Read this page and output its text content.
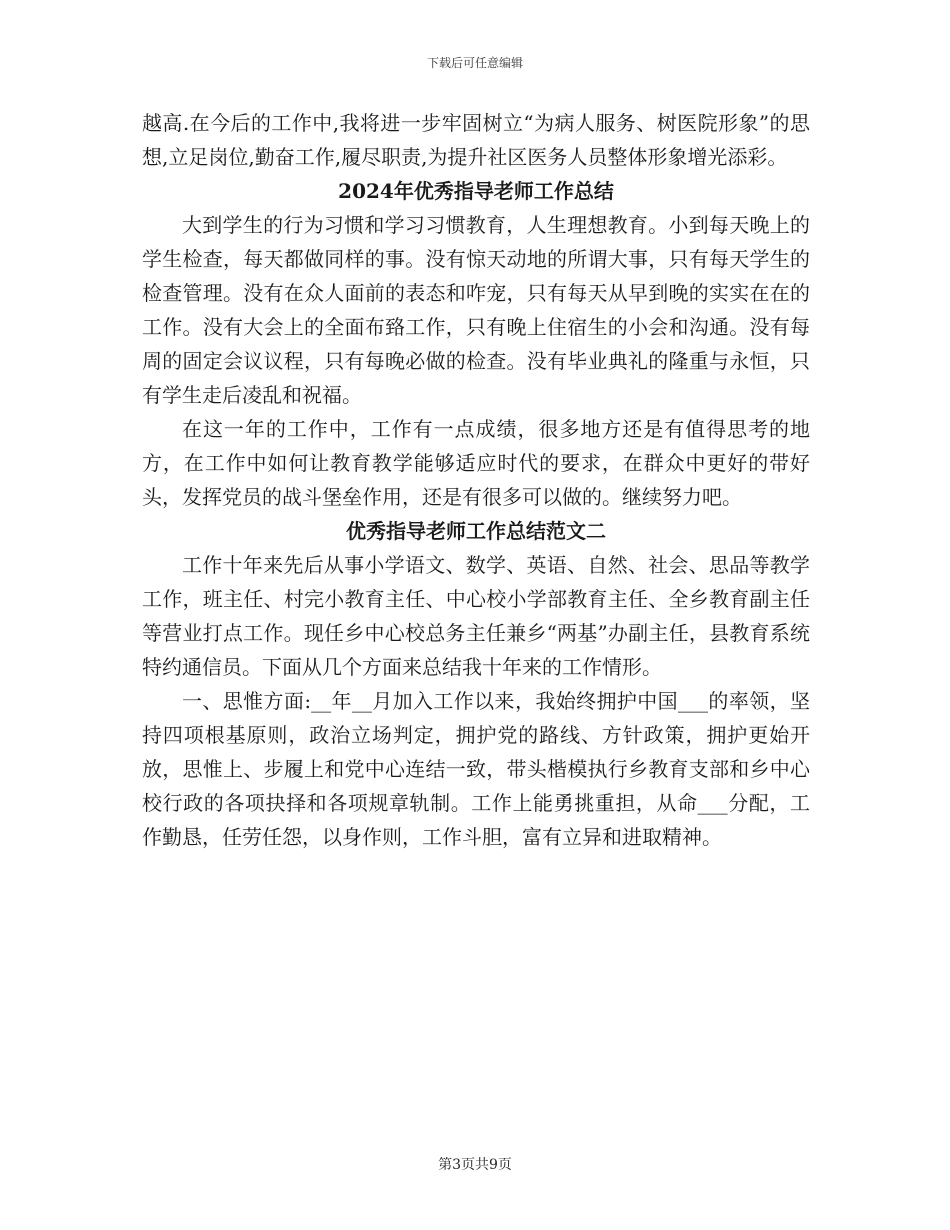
下载后可任意编辑

越高.在今后的工作中,我将进一步牢固树立“为病人服务、树医院形象”的思想,立足岗位,勤奋工作,履尽职责,为提升社区医务人员整体形象增光添彩。

2024年优秀指导老师工作总结

大到学生的行为习惯和学习习惯教育，人生理想教育。小到每天晚上的学生检查，每天都做同样的事。没有惊天动地的所谓大事，只有每天学生的检查管理。没有在众人面前的表态和咋宠，只有每天从早到晚的实实在在的工作。没有大会上的全面布臵工作，只有晚上住宿生的小会和沟通。没有每周的固定会议议程，只有每晚必做的检查。没有毕业典礼的隆重与永恒，只有学生走后凌乱和祝福。

在这一年的工作中，工作有一点成绩，很多地方还是有值得思考的地方，在工作中如何让教育教学能够适应时代的要求，在群众中更好的带好头，发挥党员的战斗堡垒作用，还是有很多可以做的。继续努力吧。

优秀指导老师工作总结范文二

工作十年来先后从事小学语文、数学、英语、自然、社会、思品等教学工作，班主任、村完小教育主任、中心校小学部教育主任、全乡教育副主任等营业打点工作。现任乡中心校总务主任兼乡“两基”办副主任，县教育系统特约通信员。下面从几个方面来总结我十年来的工作情形。

一、思惟方面:__年__月加入工作以来，我始终拥护中国___的率领，坚持四项根基原则，政治立场判定，拥护党的路线、方针政策，拥护更始开放，思惟上、步履上和党中心连结一致，带头楷模执行乡教育支部和乡中心校行政的各项抉择和各项规章轨制。工作上能勇挑重担，从命___分配，工作勤恳，任劳任怨，以身作则，工作斗胆，富有立异和进取精神。

第3页共9页
